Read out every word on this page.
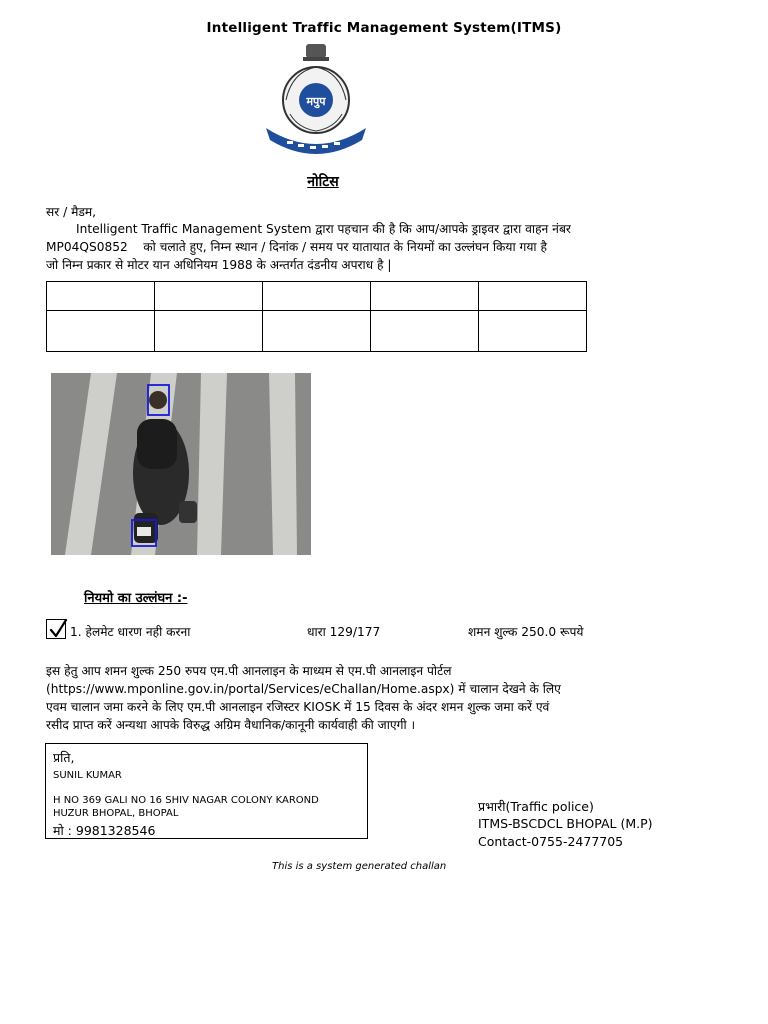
Intelligent Traffic Management System(ITMS)
मपुप
नोटिस
सर / मैडम,
Intelligent Traffic Management System द्वारा पहचान की है कि आप/आपके ड्राइवर द्वारा वाहन नंबर
MP04QS0852 को चलाते हुए, निम्न स्थान / दिनांक / समय पर यातायात के नियमों का उल्लंघन किया गया है
जो निम्न प्रकार से मोटर यान अधिनियम 1988 के अन्तर्गत दंडनीय अपराध है |

नियमो का उल्लंघन :-
1. हेलमेट धारण नही करना	धारा 129/177	शमन शुल्क 250.0 रूपये
इस हेतु आप शमन शुल्क 250 रुपय एम.पी आनलाइन के माध्यम से एम.पी आनलाइन पोर्टल
(https://www.mponline.gov.in/portal/Services/eChallan/Home.aspx) में चालान देखने के लिए
एवम चालान जमा करने के लिए एम.पी आनलाइन रजिस्टर KIOSK में 15 दिवस के अंदर शमन शुल्क जमा करें एवं
रसीद प्राप्त करें अन्यथा आपके विरुद्ध अग्रिम वैधानिक/कानूनी कार्यवाही की जाएगी ।
प्रति,
SUNIL KUMAR
H NO 369 GALI NO 16 SHIV NAGAR COLONY KAROND
HUZUR BHOPAL, BHOPAL
मो : 9981328546
प्रभारी(Traffic police)
ITMS-BSCDCL BHOPAL (M.P)
Contact-0755-2477705
This is a system generated challan
